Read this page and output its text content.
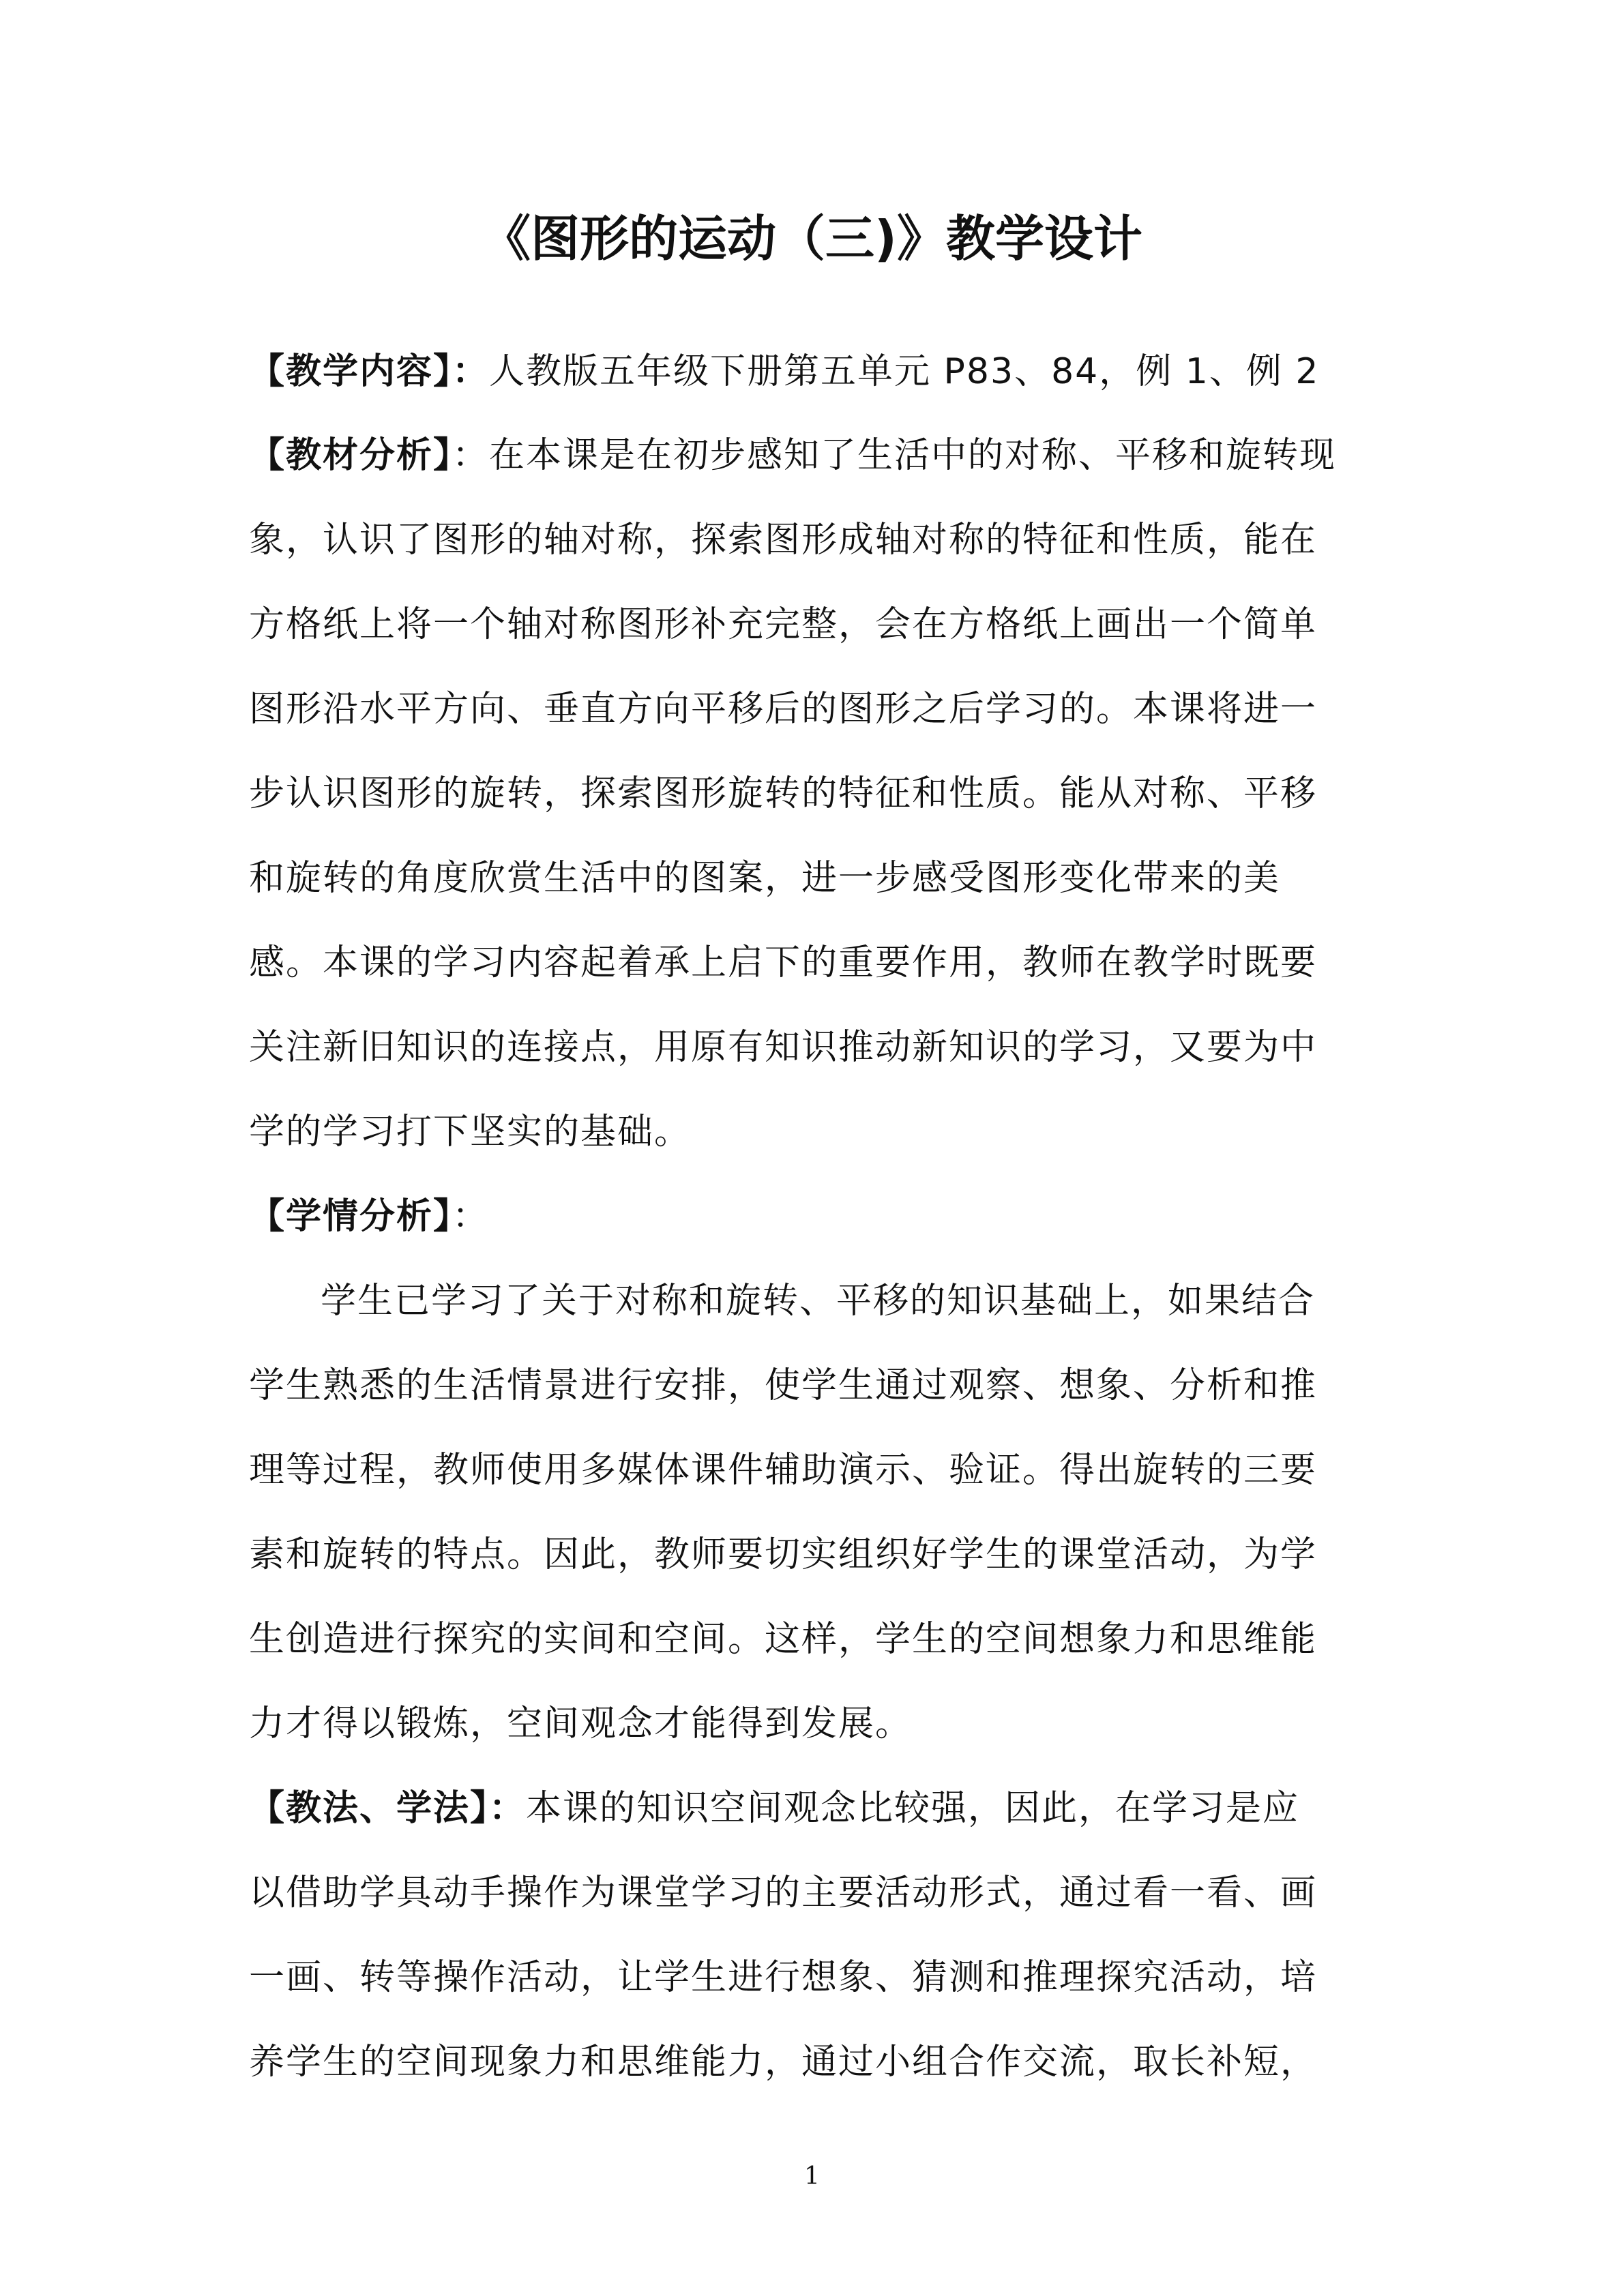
《图形的运动（三)》教学设计
【教学内容】：人教版五年级下册第五单元 P83、84，例 1、例 2
【教材分析】：在本课是在初步感知了生活中的对称、平移和旋转现
象，认识了图形的轴对称，探索图形成轴对称的特征和性质，能在
方格纸上将一个轴对称图形补充完整，会在方格纸上画出一个简单
图形沿水平方向、垂直方向平移后的图形之后学习的。本课将进一
步认识图形的旋转，探索图形旋转的特征和性质。能从对称、平移
和旋转的角度欣赏生活中的图案，进一步感受图形变化带来的美
感。本课的学习内容起着承上启下的重要作用，教师在教学时既要
关注新旧知识的连接点，用原有知识推动新知识的学习，又要为中
学的学习打下坚实的基础。
【学情分析】：
学生已学习了关于对称和旋转、平移的知识基础上，如果结合
学生熟悉的生活情景进行安排，使学生通过观察、想象、分析和推
理等过程，教师使用多媒体课件辅助演示、验证。得出旋转的三要
素和旋转的特点。因此，教师要切实组织好学生的课堂活动，为学
生创造进行探究的实间和空间。这样，学生的空间想象力和思维能
力才得以锻炼，空间观念才能得到发展。
【教法、学法】：本课的知识空间观念比较强，因此，在学习是应
以借助学具动手操作为课堂学习的主要活动形式，通过看一看、画
一画、转等操作活动，让学生进行想象、猜测和推理探究活动，培
养学生的空间现象力和思维能力，通过小组合作交流，取长补短，
1
